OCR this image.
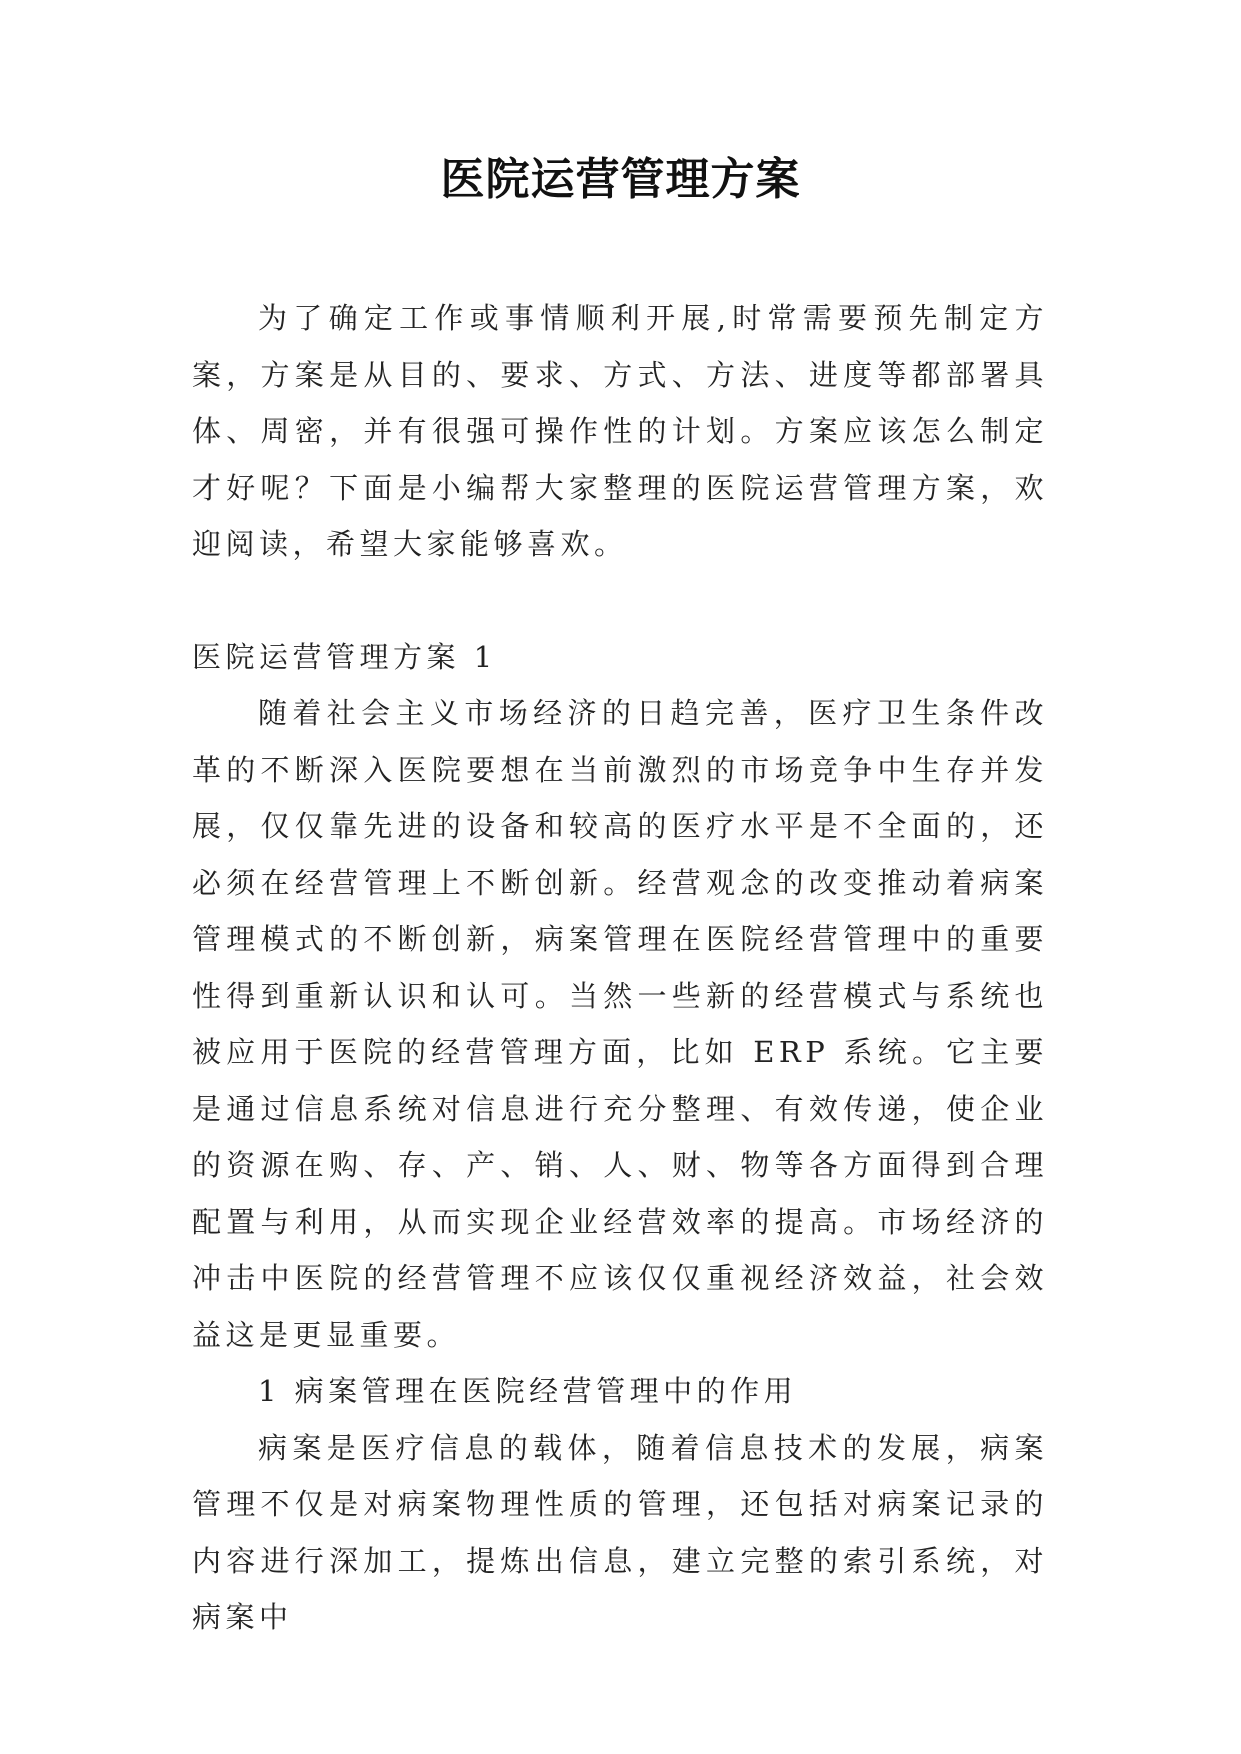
医院运营管理方案

为了确定工作或事情顺利开展,时常需要预先制定方案，方案是从目的、要求、方式、方法、进度等都部署具体、周密，并有很强可操作性的计划。方案应该怎么制定才好呢？下面是小编帮大家整理的医院运营管理方案，欢迎阅读，希望大家能够喜欢。

医院运营管理方案 1

随着社会主义市场经济的日趋完善，医疗卫生条件改革的不断深入医院要想在当前激烈的市场竞争中生存并发展，仅仅靠先进的设备和较高的医疗水平是不全面的，还必须在经营管理上不断创新。经营观念的改变推动着病案管理模式的不断创新，病案管理在医院经营管理中的重要性得到重新认识和认可。当然一些新的经营模式与系统也被应用于医院的经营管理方面，比如 ERP 系统。它主要是通过信息系统对信息进行充分整理、有效传递，使企业的资源在购、存、产、销、人、财、物等各方面得到合理配置与利用，从而实现企业经营效率的提高。市场经济的冲击中医院的经营管理不应该仅仅重视经济效益，社会效益这是更显重要。

1 病案管理在医院经营管理中的作用

病案是医疗信息的载体，随着信息技术的发展，病案管理不仅是对病案物理性质的管理，还包括对病案记录的内容进行深加工，提炼出信息，建立完整的索引系统，对病案中
